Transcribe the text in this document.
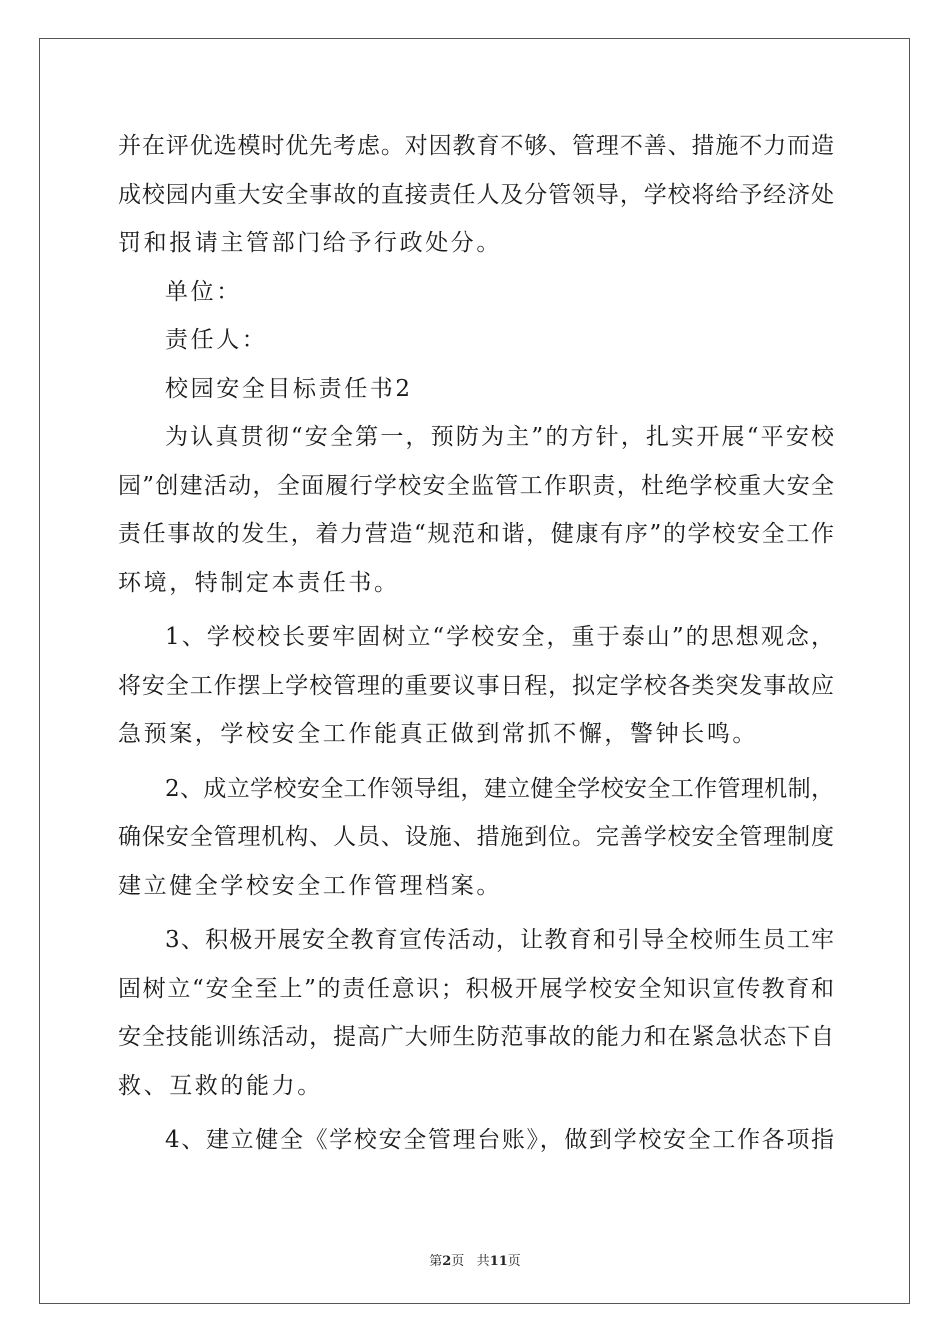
并在评优选模时优先考虑。对因教育不够、管理不善、措施不力而造
成校园内重大安全事故的直接责任人及分管领导，学校将给予经济处
罚和报请主管部门给予行政处分。
单位：
责任人：
校园安全目标责任书2
为认真贯彻“安全第一，预防为主”的方针，扎实开展“平安校
园”创建活动，全面履行学校安全监管工作职责，杜绝学校重大安全
责任事故的发生，着力营造“规范和谐，健康有序”的学校安全工作
环境，特制定本责任书。
1、学校校长要牢固树立“学校安全，重于泰山”的思想观念，
将安全工作摆上学校管理的重要议事日程，拟定学校各类突发事故应
急预案，学校安全工作能真正做到常抓不懈，警钟长鸣。
2、成立学校安全工作领导组，建立健全学校安全工作管理机制，
确保安全管理机构、人员、设施、措施到位。完善学校安全管理制度
建立健全学校安全工作管理档案。
3、积极开展安全教育宣传活动，让教育和引导全校师生员工牢
固树立“安全至上”的责任意识；积极开展学校安全知识宣传教育和
安全技能训练活动，提高广大师生防范事故的能力和在紧急状态下自
救、互救的能力。
4、建立健全《学校安全管理台账》，做到学校安全工作各项指
第2页 共11页
